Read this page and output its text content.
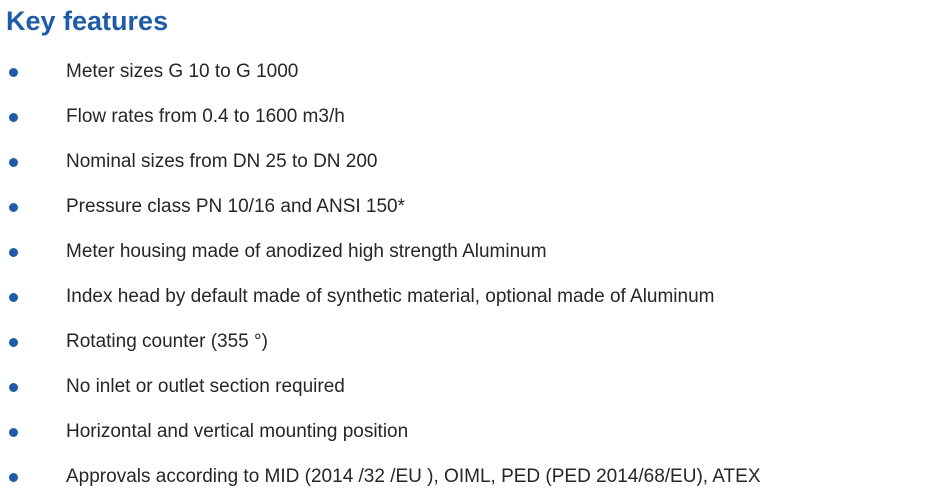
Key features
Meter sizes G 10 to G 1000
Flow rates from 0.4 to 1600 m3/h
Nominal sizes from DN 25 to DN 200
Pressure class PN 10/16 and ANSI 150*
Meter housing made of anodized high strength Aluminum
Index head by default made of synthetic material, optional made of Aluminum
Rotating counter (355 °)
No inlet or outlet section required
Horizontal and vertical mounting position
Approvals according to MID (2014 /32 /EU ), OIML, PED (PED 2014/68/EU), ATEX
